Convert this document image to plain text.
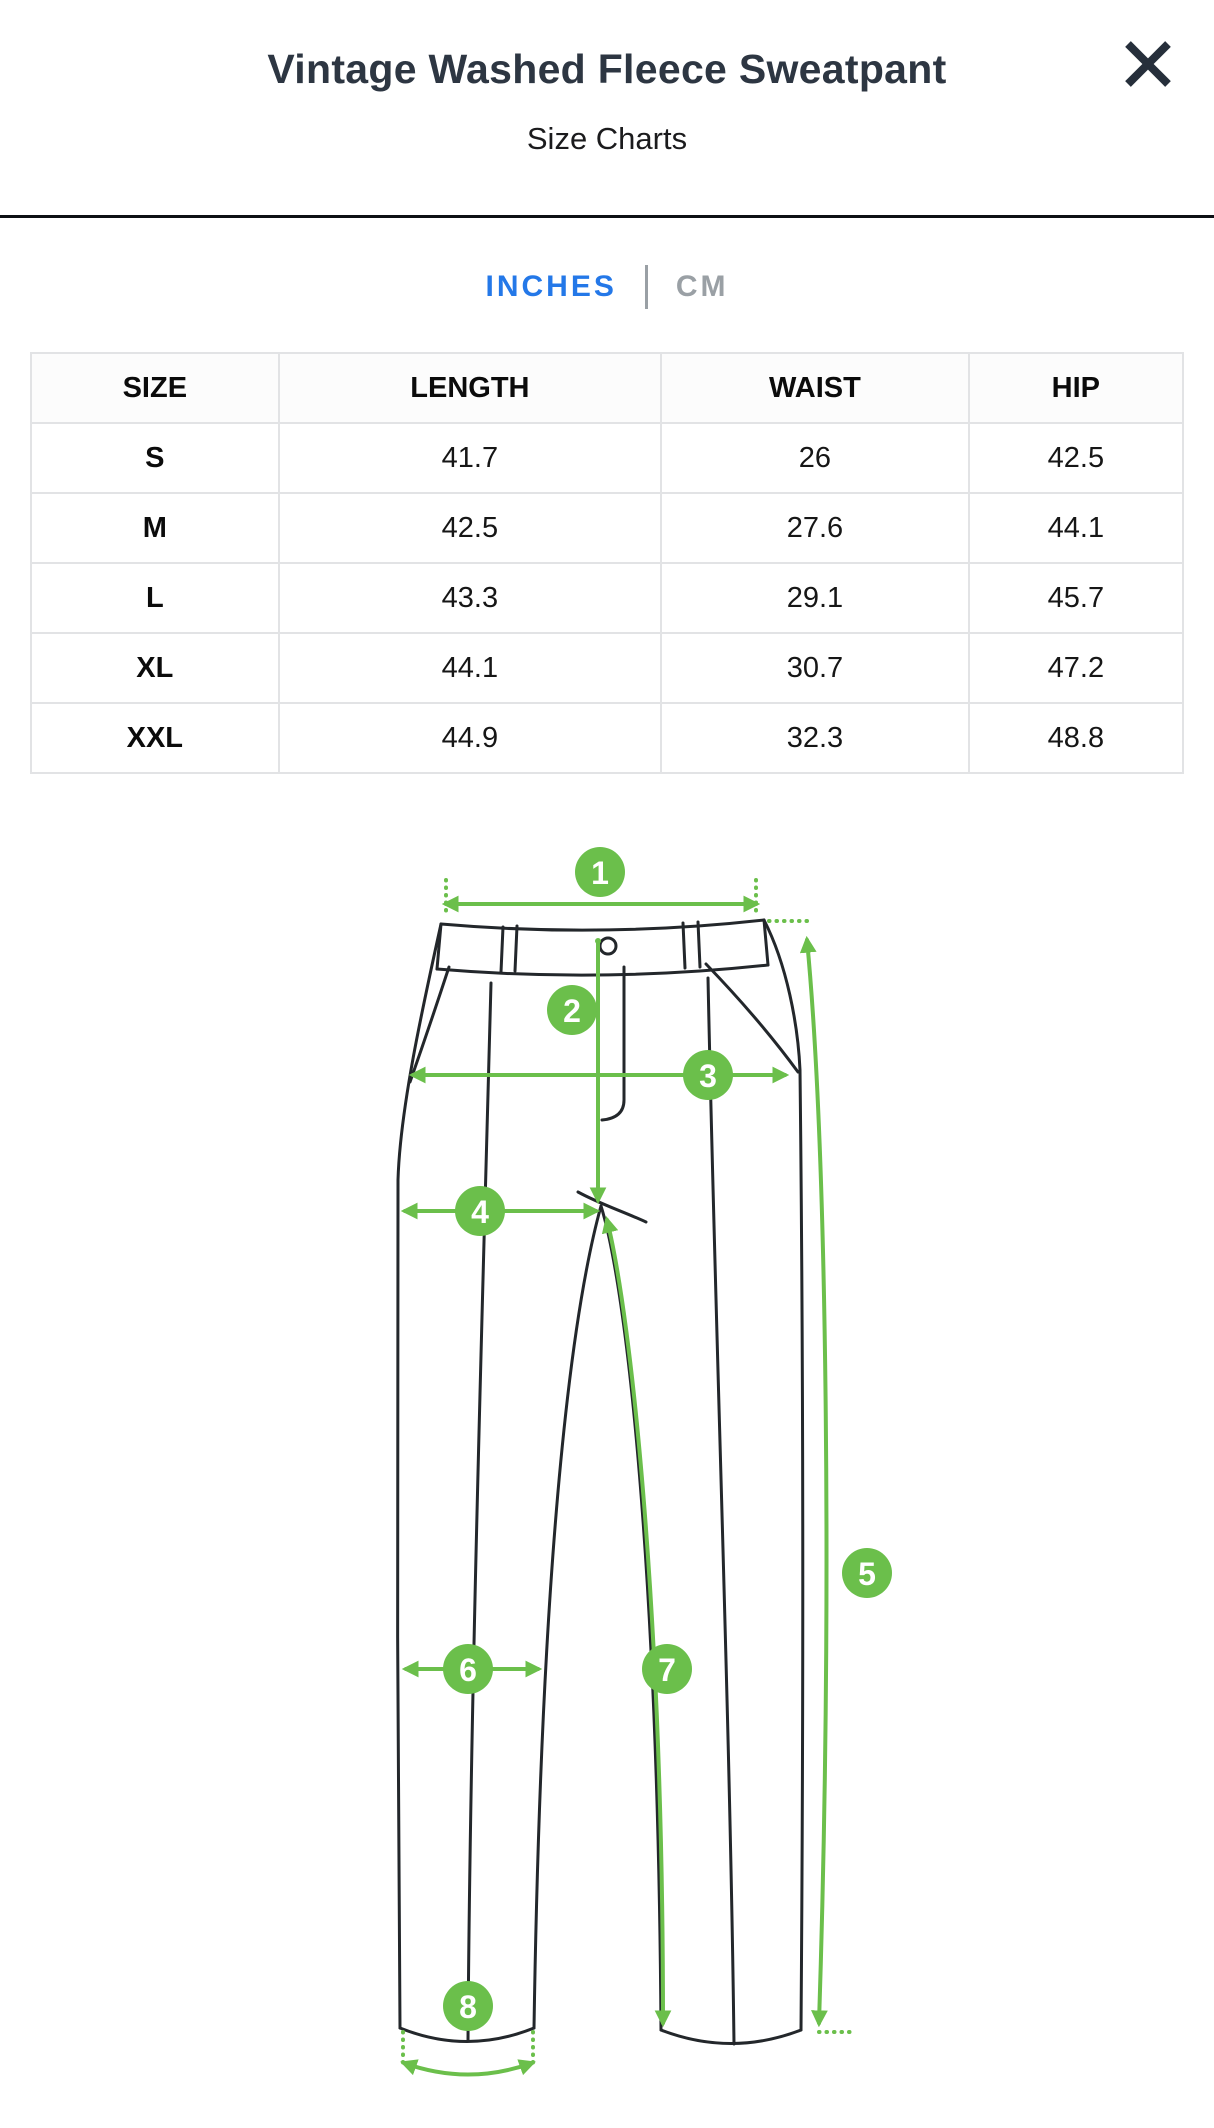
Vintage Washed Fleece Sweatpant
Size Charts
INCHES CM
SIZE	LENGTH	WAIST	HIP
S	41.7	26	42.5
M	42.5	27.6	44.1
L	43.3	29.1	45.7
XL	44.1	30.7	47.2
XXL	44.9	32.3	48.8
1
2
3
4
5
6	7
8
